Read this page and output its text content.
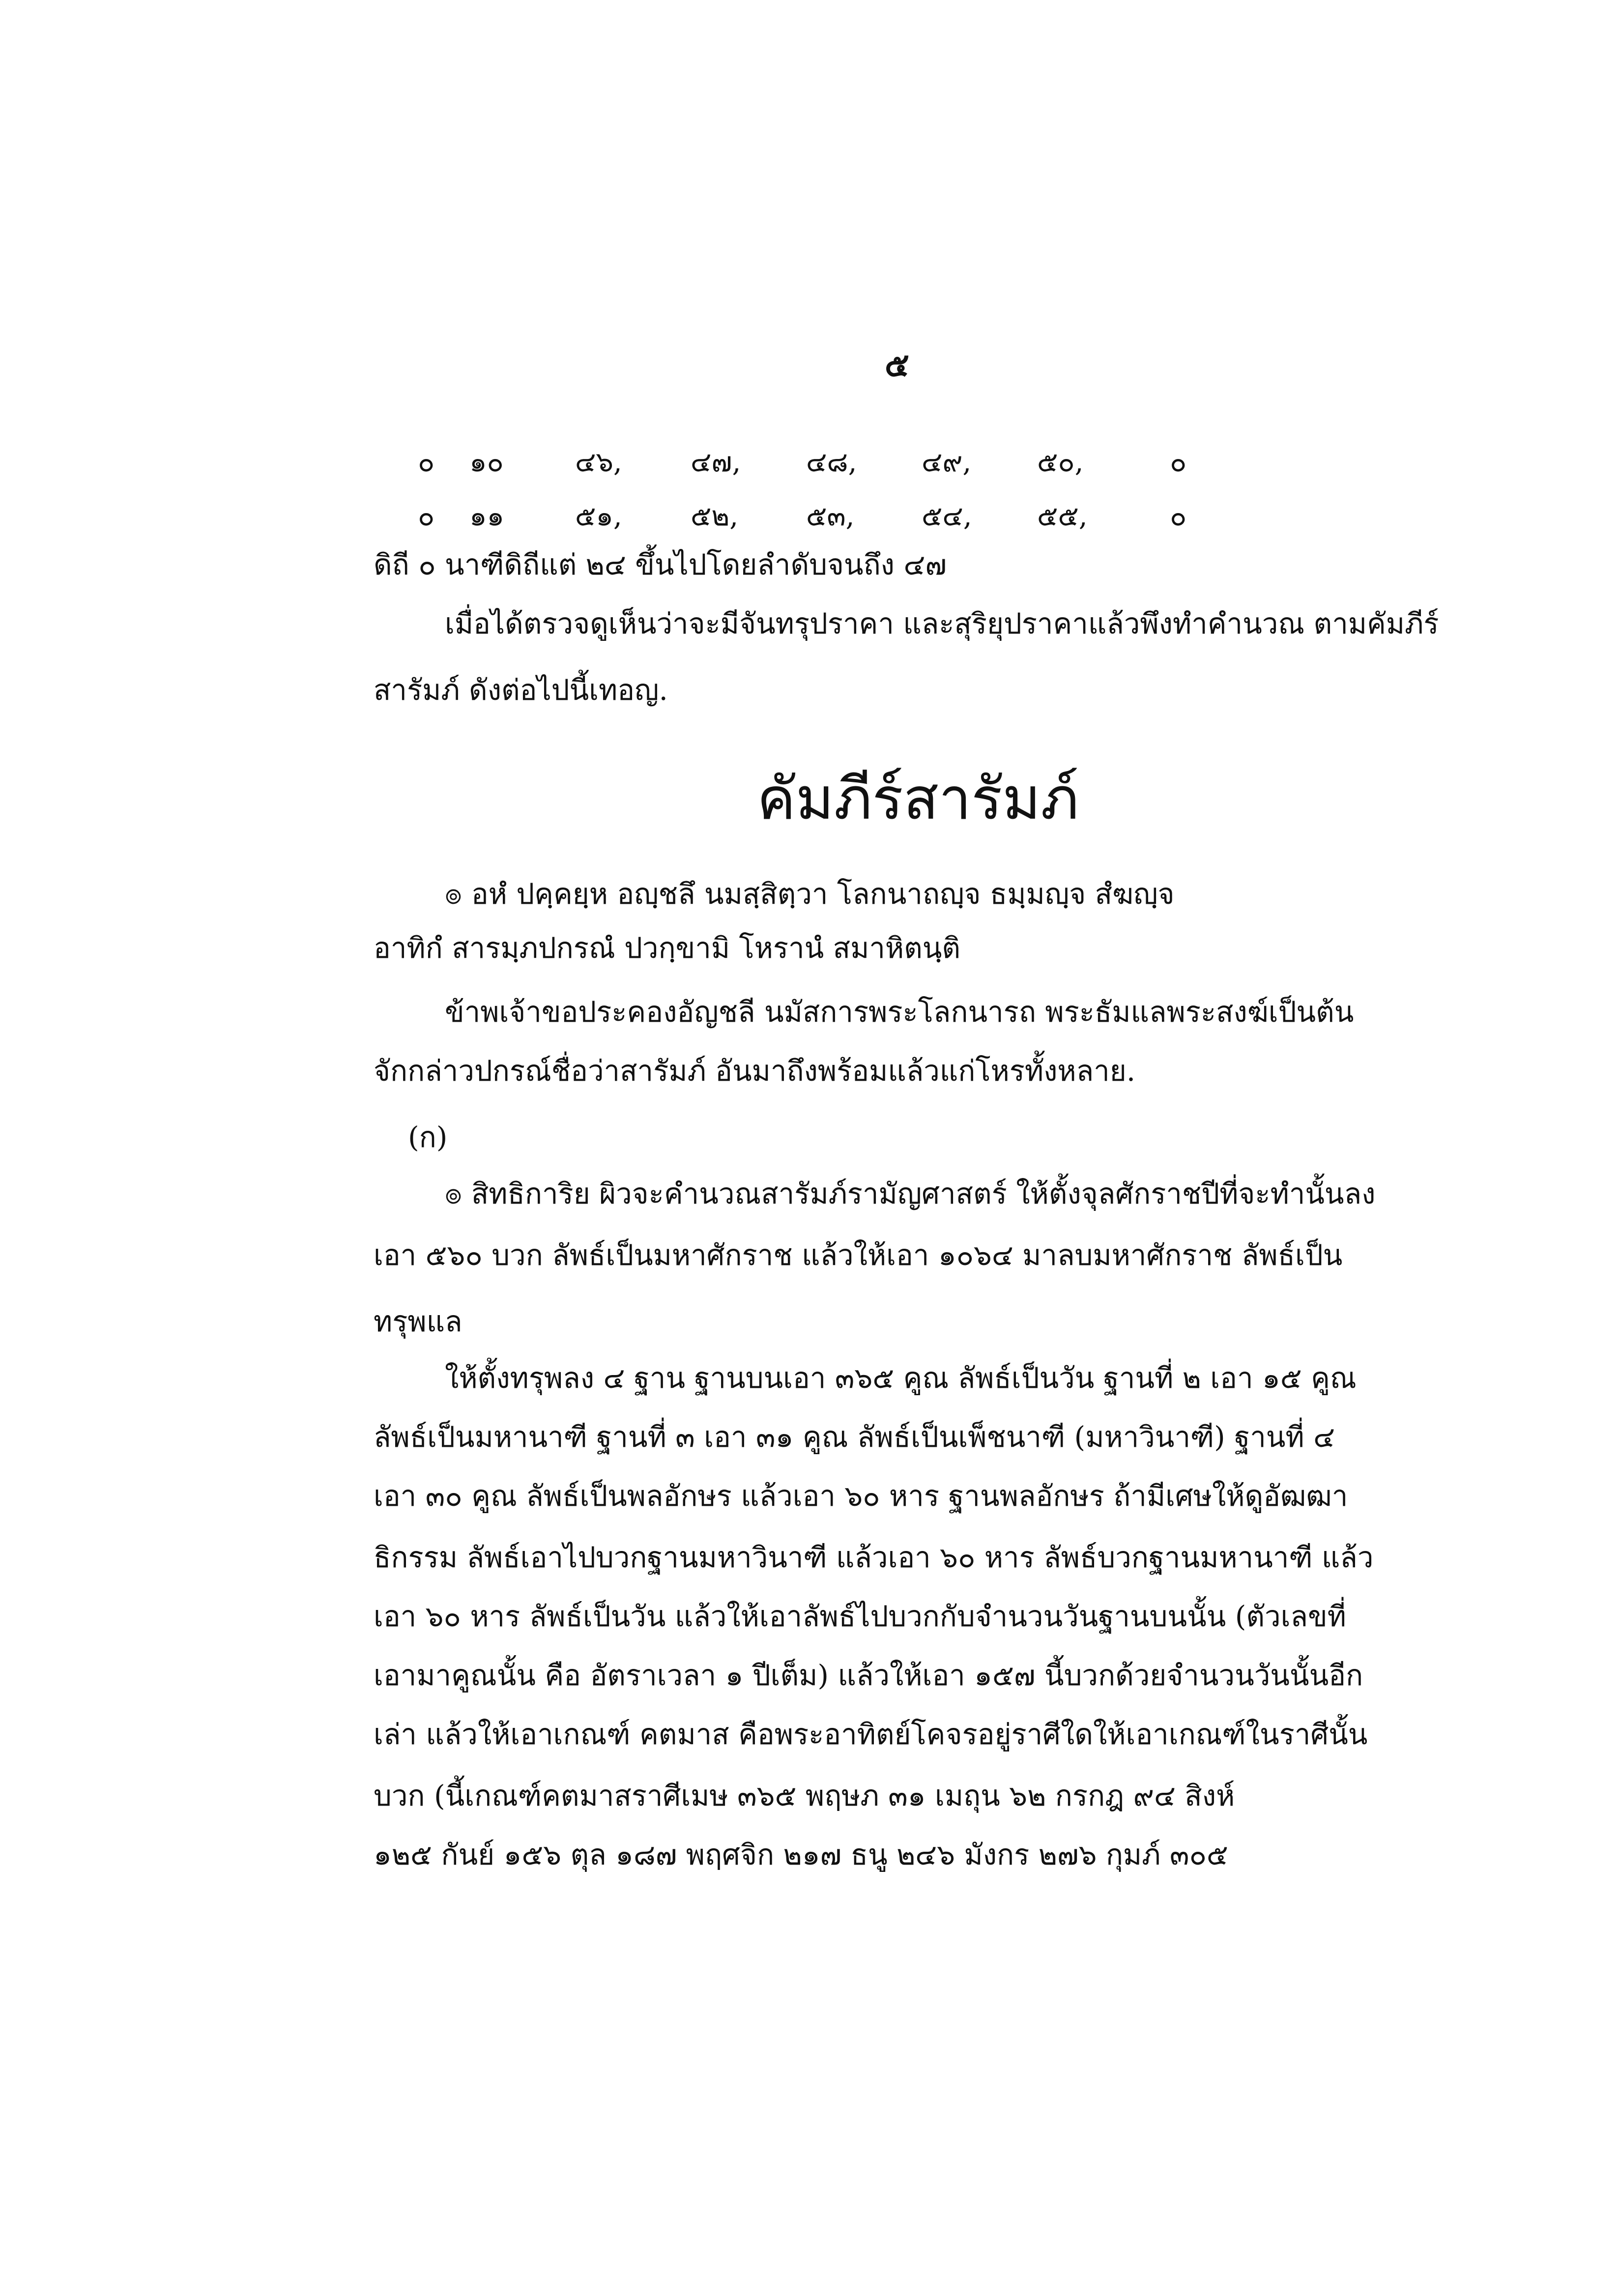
๕
๐ ๑๐	๔๖, ๔๗, ๔๘, ๔๙, ๕๐,	๐
๐ ๑๑	๕๑, ๕๒, ๕๓, ๕๔, ๕๕,	๐
ดิถี ๐ นาฑีดิถีแต่ ๒๔ ขึ้นไปโดยลำดับจนถึง ๔๗
เมื่อได้ตรวจดูเห็นว่าจะมีจันทรุปราคา และสุริยุปราคาแล้วพึงทำคำนวณ ตามคัมภีร์
สารัมภ์ ดังต่อไปนี้เทอญ.
คัมภีร์สารัมภ์
๏ อหํ ปคฺคยฺห อญฺชลึ นมสฺสิตฺวา โลกนาถญฺจ ธมฺมญฺจ สํฆญฺจ
อาทิกํ สารมฺภปกรณํ ปวกฺขามิ โหรานํ สมาหิตนฺติ
ข้าพเจ้าขอประคองอัญชลี นมัสการพระโลกนารถ พระธัมแลพระสงฆ์เป็นต้น
จักกล่าวปกรณ์ชื่อว่าสารัมภ์ อันมาถึงพร้อมแล้วแก่โหรทั้งหลาย.
(ก)
๏ สิทธิการิย ผิวจะคำนวณสารัมภ์รามัญศาสตร์ ให้ตั้งจุลศักราชปีที่จะทำนั้นลง
เอา ๕๖๐ บวก ลัพธ์เป็นมหาศักราช แล้วให้เอา ๑๐๖๔ มาลบมหาศักราช ลัพธ์เป็น
ทรุพแล
ให้ตั้งทรุพลง ๔ ฐาน ฐานบนเอา ๓๖๕ คูณ ลัพธ์เป็นวัน ฐานที่ ๒ เอา ๑๕ คูณ
ลัพธ์เป็นมหานาฑี ฐานที่ ๓ เอา ๓๑ คูณ ลัพธ์เป็นเพ็ชนาฑี (มหาวินาฑี) ฐานที่ ๔
เอา ๓๐ คูณ ลัพธ์เป็นพลอักษร แล้วเอา ๖๐ หาร ฐานพลอักษร ถ้ามีเศษให้ดูอัฒฒา
ธิกรรม ลัพธ์เอาไปบวกฐานมหาวินาฑี แล้วเอา ๖๐ หาร ลัพธ์บวกฐานมหานาฑี แล้ว
เอา ๖๐ หาร ลัพธ์เป็นวัน แล้วให้เอาลัพธ์ไปบวกกับจำนวนวันฐานบนนั้น (ตัวเลขที่
เอามาคูณนั้น คือ อัตราเวลา ๑ ปีเต็ม) แล้วให้เอา ๑๕๗ นี้บวกด้วยจำนวนวันนั้นอีก
เล่า แล้วให้เอาเกณฑ์ คตมาส คือพระอาทิตย์โคจรอยู่ราศีใดให้เอาเกณฑ์ในราศีนั้น
บวก (นี้เกณฑ์คตมาสราศีเมษ ๓๖๕ พฤษภ ๓๑ เมถุน ๖๒ กรกฎ ๙๔ สิงห์
๑๒๕ กันย์ ๑๕๖ ตุล ๑๘๗ พฤศจิก ๒๑๗ ธนู ๒๔๖ มังกร ๒๗๖ กุมภ์ ๓๐๕
